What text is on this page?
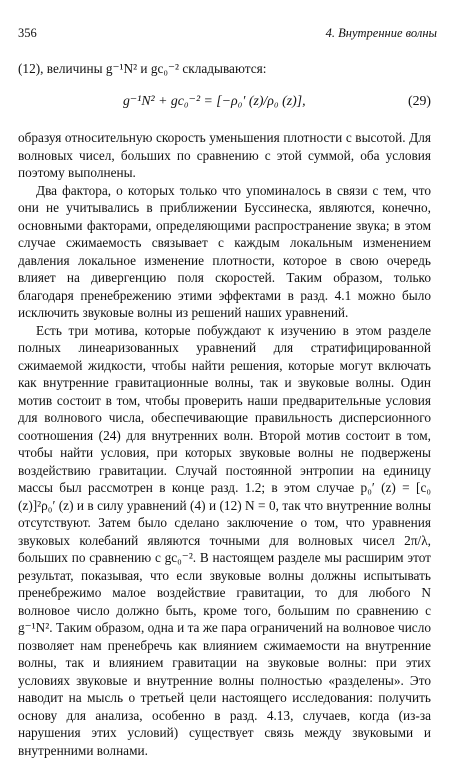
356	4. Внутренние волны
(12), величины g⁻¹N² и gc₀⁻² складываются:
g⁻¹N² + gc₀⁻² = [−ρ₀′ (z)/ρ₀ (z)],	(29)

образуя относительную скорость уменьшения плотности с высотой. Для волновых чисел, больших по сравнению с этой суммой, оба условия поэтому выполнены.

Два фактора, о которых только что упоминалось в связи с тем, что они не учитывались в приближении Буссинеска, являются, конечно, основными факторами, определяющими распространение звука; в этом случае сжимаемость связывает с каждым локальным изменением давления локальное изменение плотности, которое в свою очередь влияет на дивергенцию поля скоростей. Таким образом, только благодаря пренебрежению этими эффектами в разд. 4.1 можно было исключить звуковые волны из решений наших уравнений.

Есть три мотива, которые побуждают к изучению в этом разделе полных линеаризованных уравнений для стратифицированной сжимаемой жидкости, чтобы найти решения, которые могут включать как внутренние гравитационные волны, так и звуковые волны. Один мотив состоит в том, чтобы проверить наши предварительные условия для волнового числа, обеспечивающие правильность дисперсионного соотношения (24) для внутренних волн. Второй мотив состоит в том, чтобы найти условия, при которых звуковые волны не подвержены воздействию гравитации. Случай постоянной энтропии на единицу массы был рассмотрен в конце разд. 1.2; в этом случае p₀′ (z) = [c₀ (z)]²ρ₀′ (z) и в силу уравнений (4) и (12) N = 0, так что внутренние волны отсутствуют. Затем было сделано заключение о том, что уравнения звуковых колебаний являются точными для волновых чисел 2π/λ, больших по сравнению с gc₀⁻². В настоящем разделе мы расширим этот результат, показывая, что если звуковые волны должны испытывать пренебрежимо малое воздействие гравитации, то для любого N волновое число должно быть, кроме того, большим по сравнению с g⁻¹N². Таким образом, одна и та же пара ограничений на волновое число позволяет нам пренебречь как влиянием сжимаемости на внутренние волны, так и влиянием гравитации на звуковые волны: при этих условиях звуковые и внутренние волны полностью «разделены». Это наводит на мысль о третьей цели настоящего исследования: получить основу для анализа, особенно в разд. 4.13, случаев, когда (из-за нарушения этих условий) существует связь между звуковыми и внутренними волнами.
